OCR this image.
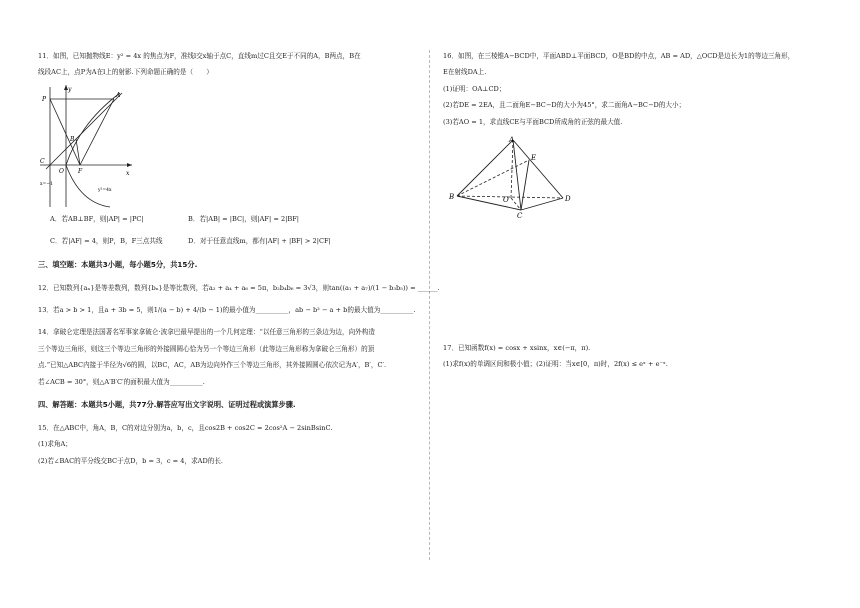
11．如图，已知抛物线E：y² = 4x 的焦点为F，准线l交x轴于点C，直线m过C且交E于不同的A，B两点，B在

线段AC上，点P为A在l上的射影.下列命题正确的是（　　）

P
y
A
B
C
O F	x
x=−1
y²=4x
A．若AB⊥BF，则|AP| = |PC|	B．若|AB| = |BC|，则|AF| = 2|BF|
C．若|AF| = 4，则P，B，F三点共线	D．对于任意直线m，都有|AF| + |BF| > 2|CF|

三、填空题：本题共3小题，每小题5分，共15分.

12．已知数列{aₙ}是等差数列，数列{bₙ}是等比数列，若a₂ + a₄ + a₆ = 5π，b₂b₄b₆ = 3√3，则tan((a₁ + a₇)/(1 − b₃b₅)) = ______.

13．若a > b > 1，且a + 3b = 5，则1/(a − b) + 4/(b − 1)的最小值为__________，ab − b² − a + b的最大值为__________.

14．拿破仑定理是法国著名军事家拿破仑·波拿巴最早提出的一个几何定理：“以任意三角形的三条边为边，向外构造

三个等边三角形，则这三个等边三角形的外接圆圆心恰为另一个等边三角形（此等边三角形称为拿破仑三角形）的顶

点.”已知△ABC内接于半径为√6的圆，以BC，AC，AB为边向外作三个等边三角形，其外接圆圆心依次记为A′，B′，C′.

若∠ACB = 30°，则△A′B′C′的面积最大值为__________.

四、解答题：本题共5小题，共77分.解答应写出文字说明、证明过程或演算步骤.

15．在△ABC中，角A，B，C的对边分别为a，b，c，且cos2B + cos2C = 2cos²A − 2sinBsinC.

(1)求角A；

(2)若∠BAC的平分线交BC于点D，b = 3，c = 4，求AD的长.

16．如图，在三棱锥A−BCD中，平面ABD⊥平面BCD，O是BD的中点，AB = AD，△OCD是边长为1的等边三角形，

E在射线DA上.

(1)证明：OA⊥CD；

(2)若DE = 2EA，且二面角E−BC−D的大小为45°，求二面角A−BC−D的大小；

(3)若AO = 1，求直线CE与平面BCD所成角的正弦的最大值.

A
E
B	O	D
C

17．已知函数f(x) = cosx + xsinx，x∈(−π，π).

(1)求f(x)的单调区间和极小值；(2)证明：当x∈[0，π)时，2f(x) ≤ eˣ + e⁻ˣ.
